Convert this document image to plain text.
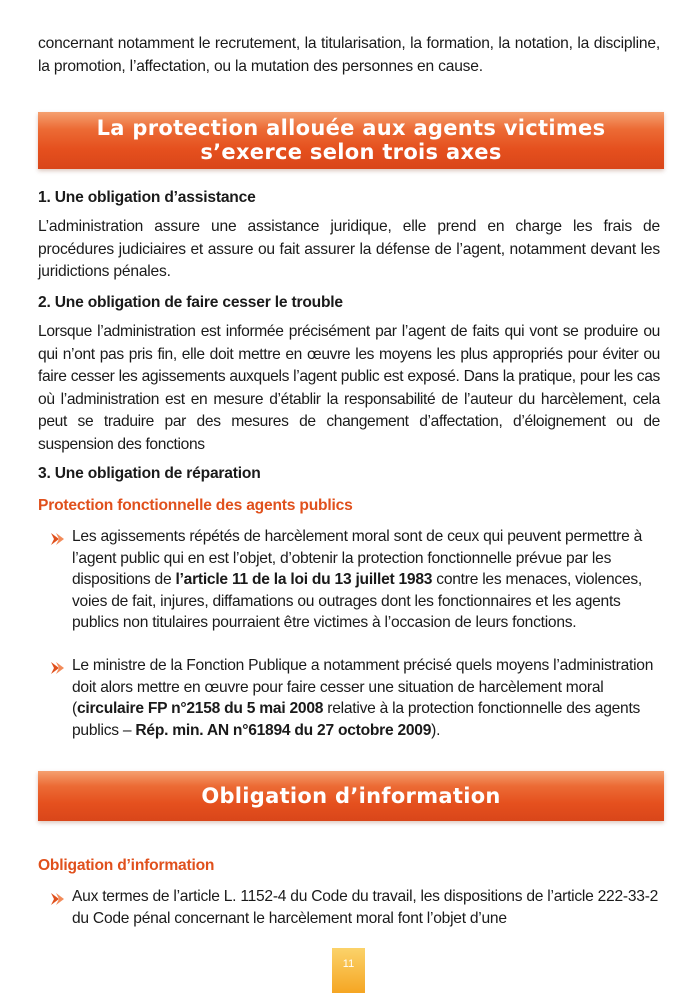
concernant notamment le recrutement, la titularisation, la formation, la notation, la discipline, la promotion, l’affectation, ou la mutation des personnes en cause.
La protection allouée aux agents victimes
s’exerce selon trois axes
1. Une obligation d’assistance
L’administration assure une assistance juridique, elle prend en charge les frais de procédures judiciaires et assure ou fait assurer la défense de l’agent, notamment devant les juridictions pénales.
2. Une obligation de faire cesser le trouble
Lorsque l’administration est informée précisément par l’agent de faits qui vont se produire ou qui n’ont pas pris fin, elle doit mettre en œuvre les moyens les plus appropriés pour éviter ou faire cesser les agissements auxquels l’agent public est exposé. Dans la pratique, pour les cas où l’administration est en mesure d’établir la responsabilité de l’auteur du harcèlement, cela peut se traduire par des mesures de changement d’affectation, d’éloignement ou de suspension des fonctions
3. Une obligation de réparation
Protection fonctionnelle des agents publics
Les agissements répétés de harcèlement moral sont de ceux qui peuvent permettre à l’agent public qui en est l’objet, d’obtenir la protection fonctionnelle prévue par les dispositions de l’article 11 de la loi du 13 juillet 1983 contre les menaces, violences, voies de fait, injures, diffamations ou outrages dont les fonctionnaires et les agents publics non titulaires pourraient être victimes à l’occasion de leurs fonctions.
Le ministre de la Fonction Publique a notamment précisé quels moyens l’administration doit alors mettre en œuvre pour faire cesser une situation de harcèlement moral (circulaire FP n°2158 du 5 mai 2008 relative à la protection fonctionnelle des agents publics – Rép. min. AN n°61894 du 27 octobre 2009).
Obligation d’information
Obligation d’information
Aux termes de l’article L. 1152-4 du Code du travail, les dispositions de l’article 222-33-2 du Code pénal concernant le harcèlement moral font l’objet d’une
11
